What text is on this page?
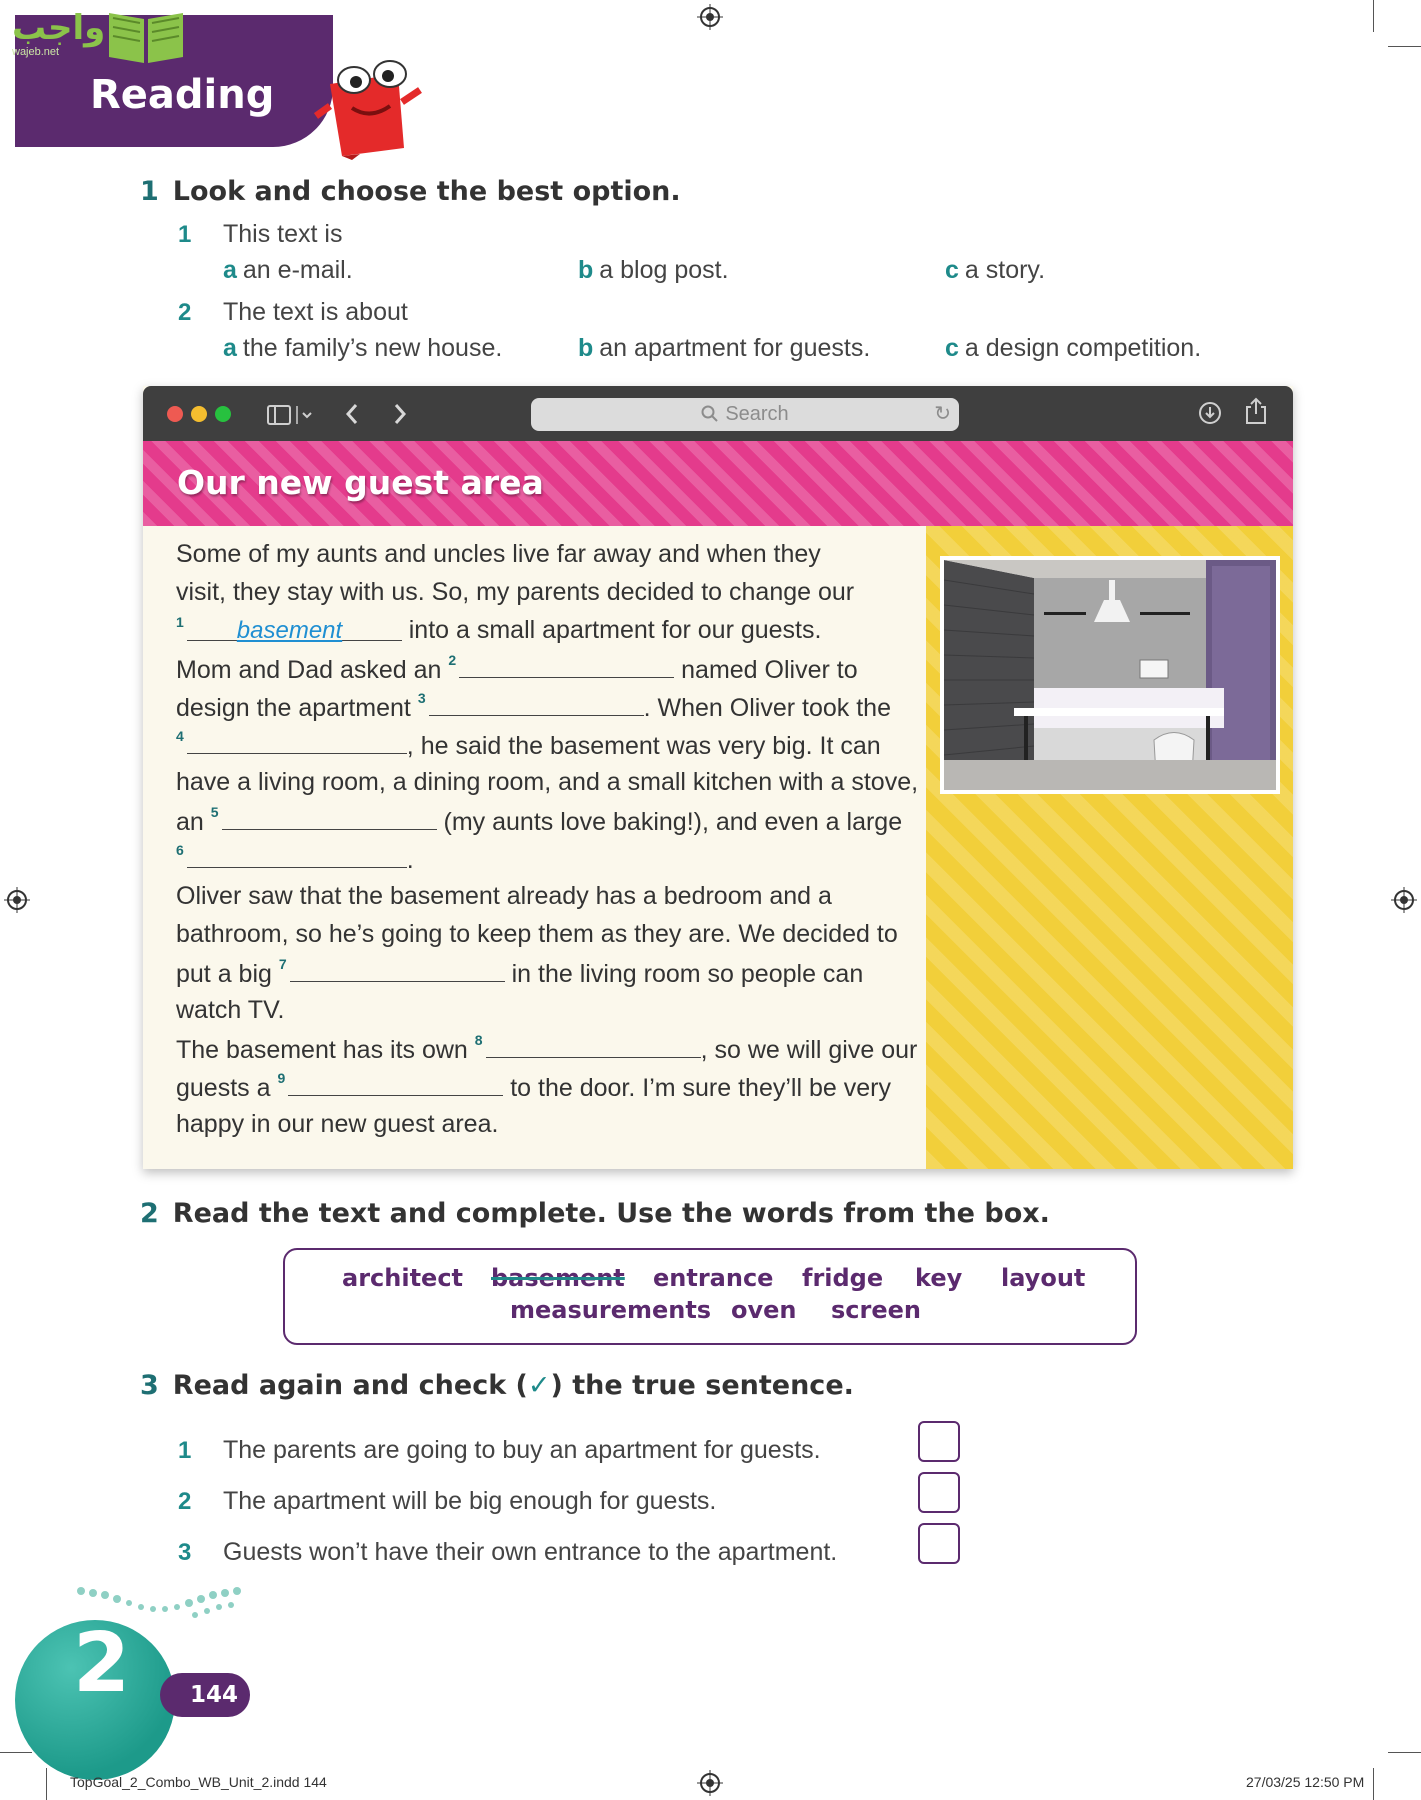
واجب
wajeb.net
Reading
1 Look and choose the best option.
1 This text is
a an e-mail.	b a blog post.	c a story.
2 The text is about
a the family’s new house.	b an apartment for guests.	c a design competition.
Search	↻
Our new guest area
Some of my aunts and uncles live far away and when they
visit, they stay with us. So, my parents decided to change our
$^1$ basement	into a small apartment for our guests.
Mom and Dad asked an $^2$	named Oliver to
design the apartment $^3$	. When Oliver took the
$^4$	, he said the basement was very big. It can
have a living room, a dining room, and a small kitchen with a stove,
an $^5$	(my aunts love baking!), and even a large
$^6$	.
Oliver saw that the basement already has a bedroom and a
bathroom, so he’s going to keep them as they are. We decided to
put a big $^7$	in the living room so people can
watch TV.
The basement has its own $^8$	, so we will give our
guests a $^9$	to the door. I’m sure they’ll be very
happy in our new guest area.
2 Read the text and complete. Use the words from the box.
architect basement entrance fridge key layout
measurements oven screen
3 Read again and check (✓) the true sentence.
1 The parents are going to buy an apartment for guests.
2 The apartment will be big enough for guests.
3 Guests won’t have their own entrance to the apartment.
2	144
TopGoal_2_Combo_WB_Unit_2.indd 144	27/03/25 12:50 PM
